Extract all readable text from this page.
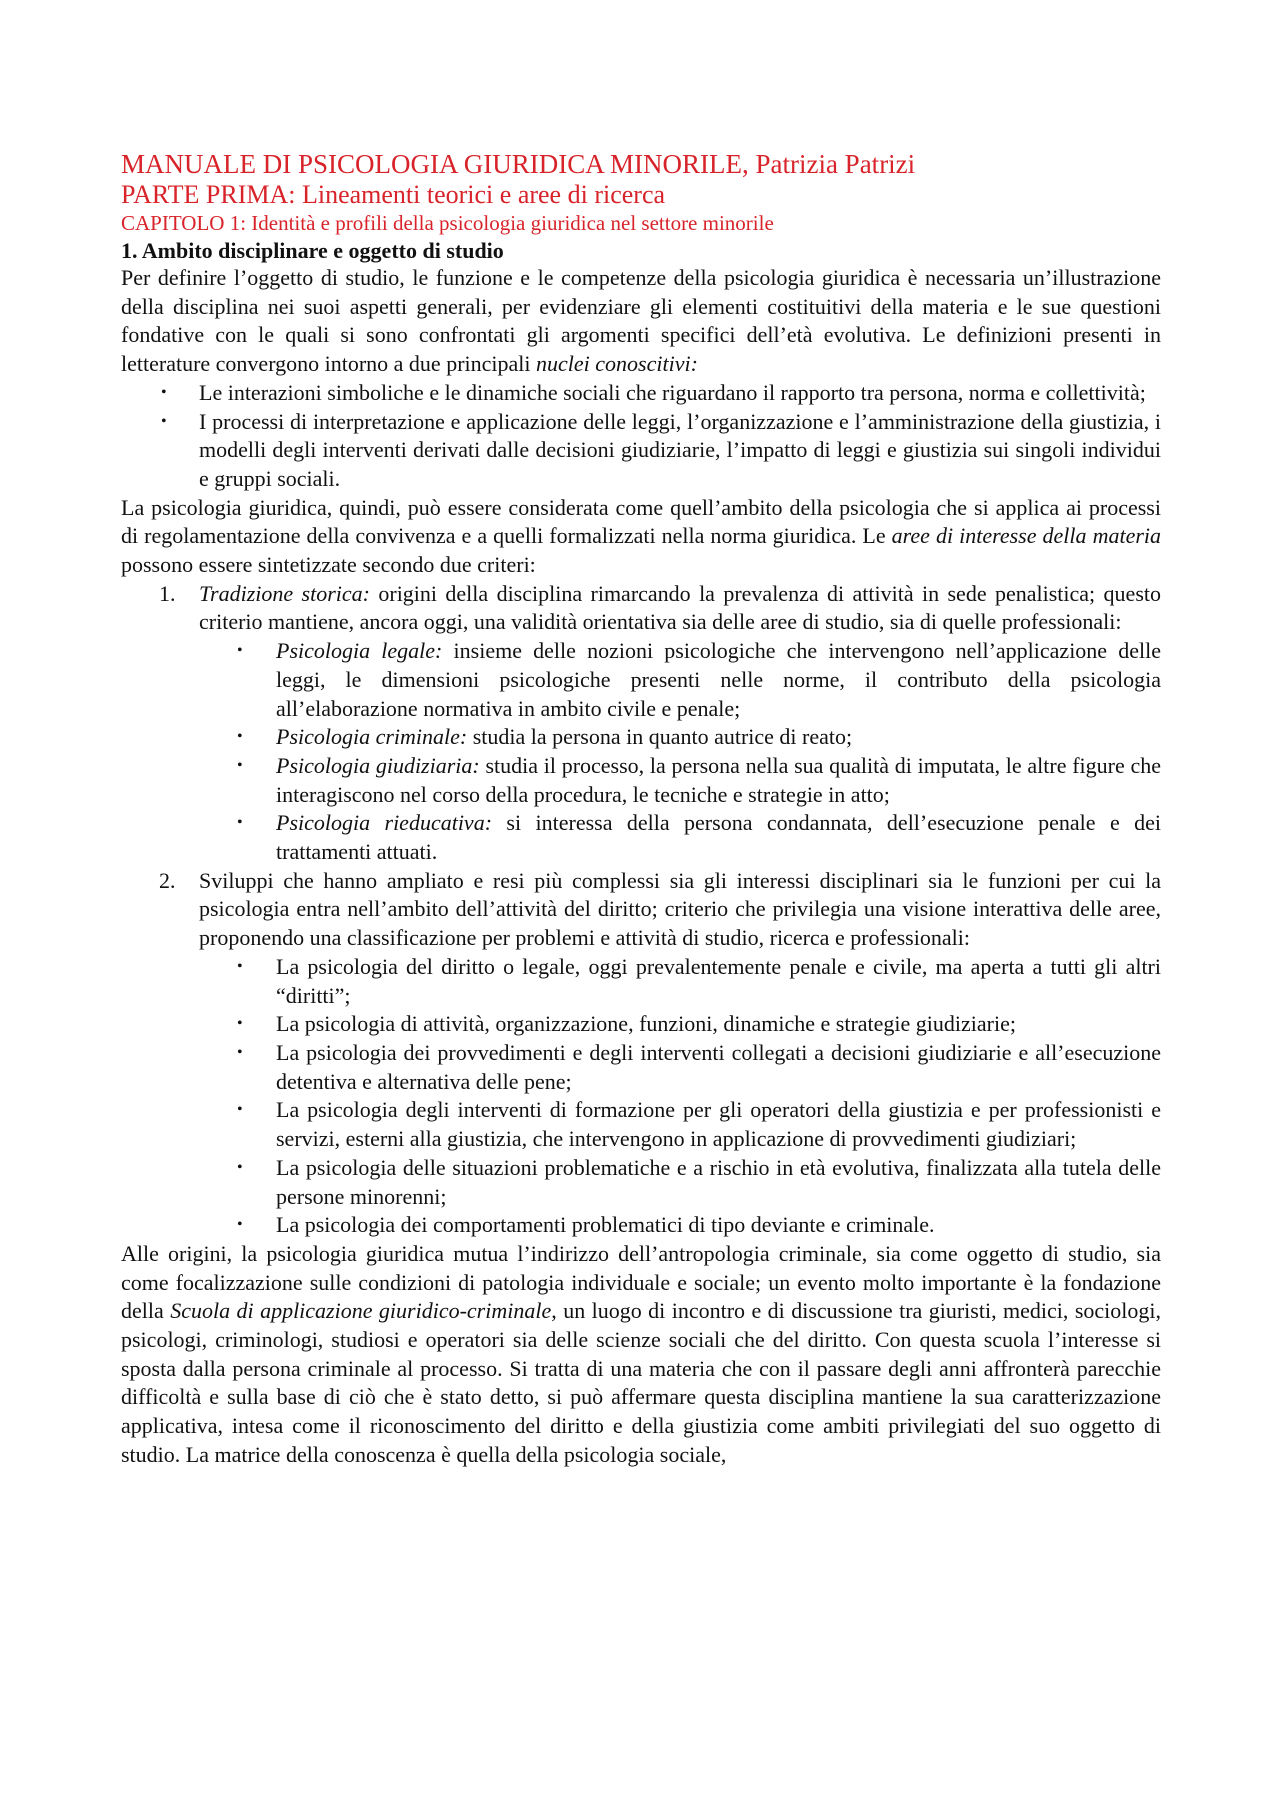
MANUALE DI PSICOLOGIA GIURIDICA MINORILE, Patrizia Patrizi

PARTE PRIMA: Lineamenti teorici e aree di ricerca

CAPITOLO 1: Identità e profili della psicologia giuridica nel settore minorile

1. Ambito disciplinare e oggetto di studio

Per definire l’oggetto di studio, le funzione e le competenze della psicologia giuridica è necessaria un’illustrazione della disciplina nei suoi aspetti generali, per evidenziare gli elementi costituitivi della materia e le sue questioni fondative con le quali si sono confrontati gli argomenti specifici dell’età evolutiva. Le definizioni presenti in letterature convergono intorno a due principali nuclei conoscitivi:

• Le interazioni simboliche e le dinamiche sociali che riguardano il rapporto tra persona, norma e collettività;
• I processi di interpretazione e applicazione delle leggi, l’organizzazione e l’amministrazione della giustizia, i modelli degli interventi derivati dalle decisioni giudiziarie, l’impatto di leggi e giustizia sui singoli individui e gruppi sociali.

La psicologia giuridica, quindi, può essere considerata come quell’ambito della psicologia che si applica ai processi di regolamentazione della convivenza e a quelli formalizzati nella norma giuridica. Le aree di interesse della materia possono essere sintetizzate secondo due criteri:

1. Tradizione storica: origini della disciplina rimarcando la prevalenza di attività in sede penalistica; questo criterio mantiene, ancora oggi, una validità orientativa sia delle aree di studio, sia di quelle professionali:
• Psicologia legale: insieme delle nozioni psicologiche che intervengono nell’applicazione delle leggi, le dimensioni psicologiche presenti nelle norme, il contributo della psicologia all’elaborazione normativa in ambito civile e penale;
• Psicologia criminale: studia la persona in quanto autrice di reato;
• Psicologia giudiziaria: studia il processo, la persona nella sua qualità di imputata, le altre figure che interagiscono nel corso della procedura, le tecniche e strategie in atto;
• Psicologia rieducativa: si interessa della persona condannata, dell’esecuzione penale e dei trattamenti attuati.
2. Sviluppi che hanno ampliato e resi più complessi sia gli interessi disciplinari sia le funzioni per cui la psicologia entra nell’ambito dell’attività del diritto; criterio che privilegia una visione interattiva delle aree, proponendo una classificazione per problemi e attività di studio, ricerca e professionali:
• La psicologia del diritto o legale, oggi prevalentemente penale e civile, ma aperta a tutti gli altri “diritti”;
• La psicologia di attività, organizzazione, funzioni, dinamiche e strategie giudiziarie;
• La psicologia dei provvedimenti e degli interventi collegati a decisioni giudiziarie e all’esecuzione detentiva e alternativa delle pene;
• La psicologia degli interventi di formazione per gli operatori della giustizia e per professionisti e servizi, esterni alla giustizia, che intervengono in applicazione di provvedimenti giudiziari;
• La psicologia delle situazioni problematiche e a rischio in età evolutiva, finalizzata alla tutela delle persone minorenni;
• La psicologia dei comportamenti problematici di tipo deviante e criminale.

Alle origini, la psicologia giuridica mutua l’indirizzo dell’antropologia criminale, sia come oggetto di studio, sia come focalizzazione sulle condizioni di patologia individuale e sociale; un evento molto importante è la fondazione della Scuola di applicazione giuridico-criminale, un luogo di incontro e di discussione tra giuristi, medici, sociologi, psicologi, criminologi, studiosi e operatori sia delle scienze sociali che del diritto. Con questa scuola l’interesse si sposta dalla persona criminale al processo. Si tratta di una materia che con il passare degli anni affronterà parecchie difficoltà e sulla base di ciò che è stato detto, si può affermare questa disciplina mantiene la sua caratterizzazione applicativa, intesa come il riconoscimento del diritto e della giustizia come ambiti privilegiati del suo oggetto di studio. La matrice della conoscenza è quella della psicologia sociale,
